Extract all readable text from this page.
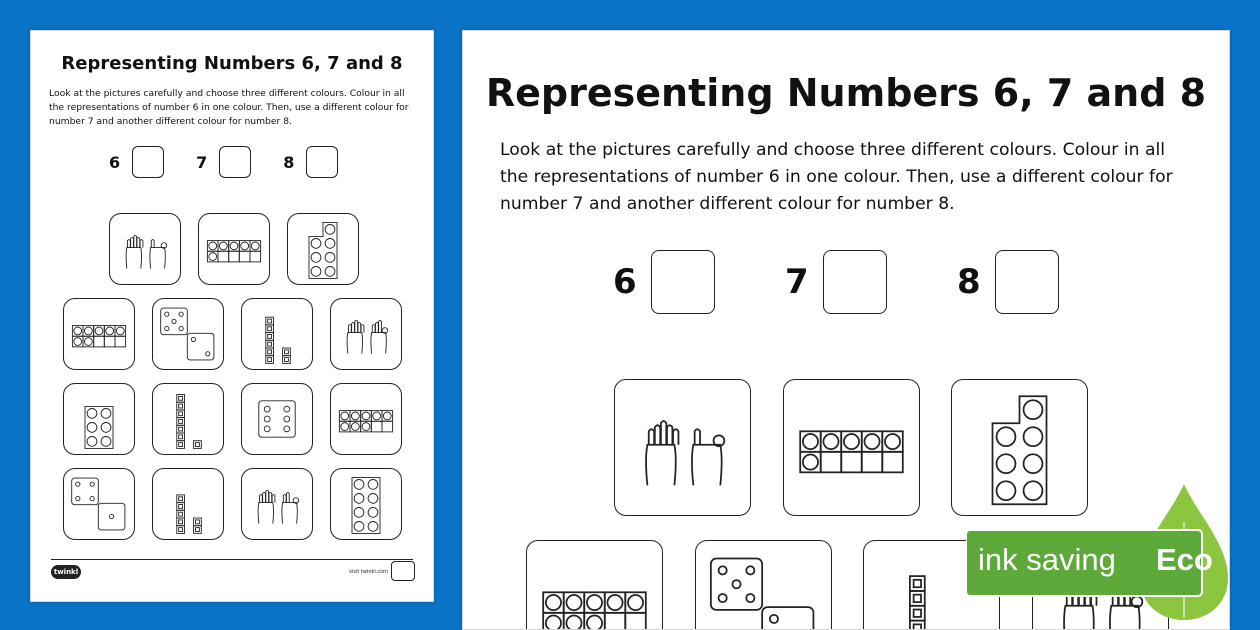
Representing Numbers 6, 7 and 8
Look at the pictures carefully and choose three different colours. Colour in all
the representations of number 6 in one colour. Then, use a different colour for
number 7 and another different colour for number 8.
6	7	8
twinkl	visit twinkl.com
Representing Numbers 6, 7 and 8
Look at the pictures carefully and choose three different colours. Colour in all
the representations of number 6 in one colour. Then, use a different colour for
number 7 and another different colour for number 8.
6	7	8
ink saving Eco
